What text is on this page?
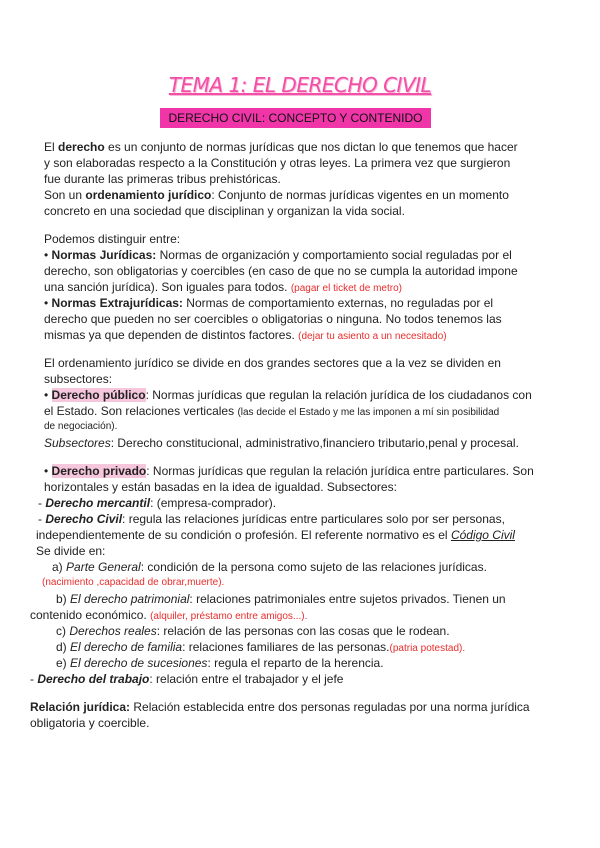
TEMA 1: EL DERECHO CIVIL
DERECHO CIVIL: CONCEPTO Y CONTENIDO
El derecho es un conjunto de normas jurídicas que nos dictan lo que tenemos que hacer
y son elaboradas respecto a la Constitución y otras leyes. La primera vez que surgieron
fue durante las primeras tribus prehistóricas.
Son un ordenamiento jurídico: Conjunto de normas jurídicas vigentes en un momento
concreto en una sociedad que disciplinan y organizan la vida social.
Podemos distinguir entre:
• Normas Jurídicas: Normas de organización y comportamiento social reguladas por el
derecho, son obligatorias y coercibles (en caso de que no se cumpla la autoridad impone
una sanción jurídica). Son iguales para todos. (pagar el ticket de metro)
• Normas Extrajurídicas: Normas de comportamiento externas, no reguladas por el
derecho que pueden no ser coercibles o obligatorias o ninguna. No todos tenemos las
mismas ya que dependen de distintos factores. (dejar tu asiento a un necesitado)
El ordenamiento jurídico se divide en dos grandes sectores que a la vez se dividen en
subsectores:
• Derecho público: Normas jurídicas que regulan la relación jurídica de los ciudadanos con
el Estado. Son relaciones verticales (las decide el Estado y me las imponen a mí sin posibilidad
de negociación).
Subsectores: Derecho constitucional, administrativo,financiero tributario,penal y procesal.
• Derecho privado: Normas jurídicas que regulan la relación jurídica entre particulares. Son
horizontales y están basadas en la idea de igualdad. Subsectores:
- Derecho mercantil: (empresa-comprador).
- Derecho Civil: regula las relaciones jurídicas entre particulares solo por ser personas,
independientemente de su condición o profesión. El referente normativo es el Código Civil
Se divide en:
a) Parte General: condición de la persona como sujeto de las relaciones jurídicas.
(nacimiento ,capacidad de obrar,muerte).
b) El derecho patrimonial: relaciones patrimoniales entre sujetos privados. Tienen un
contenido económico. (alquiler, préstamo entre amigos...).
c) Derechos reales: relación de las personas con las cosas que le rodean.
d) El derecho de familia: relaciones familiares de las personas.(patria potestad).
e) El derecho de sucesiones: regula el reparto de la herencia.
- Derecho del trabajo: relación entre el trabajador y el jefe
Relación jurídica: Relación establecida entre dos personas reguladas por una norma jurídica
obligatoria y coercible.
